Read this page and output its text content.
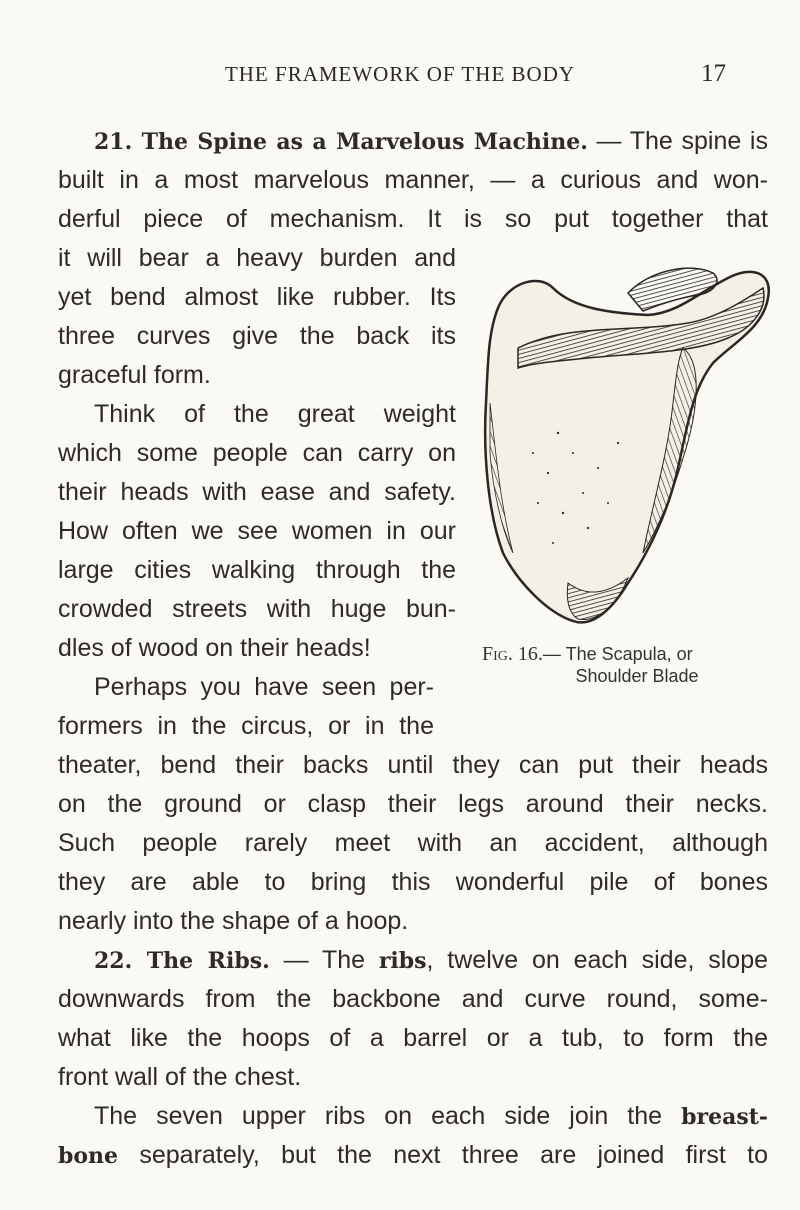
THE FRAMEWORK OF THE BODY	17
21. The Spine as a Marvelous Machine. — The spine is
built in a most marvelous manner, — a curious and won-
derful piece of mechanism. It is so put together that
it will bear a heavy burden and
yet bend almost like rubber. Its
three curves give the back its
graceful form.
Think of the great weight
which some people can carry on
their heads with ease and safety.
How often we see women in our
large cities walking through the
crowded streets with huge bun-
dles of wood on their heads!
Perhaps you have seen per-
formers in the circus, or in the
theater, bend their backs until they can put their heads
on the ground or clasp their legs around their necks.
Such people rarely meet with an accident, although
they are able to bring this wonderful pile of bones
nearly into the shape of a hoop.
22. The Ribs. — The ribs, twelve on each side, slope
downwards from the backbone and curve round, some-
what like the hoops of a barrel or a tub, to form the
front wall of the chest.
The seven upper ribs on each side join the breast-
bone separately, but the next three are joined first to
Fig. 16.— The Scapula, or
Shoulder Blade
